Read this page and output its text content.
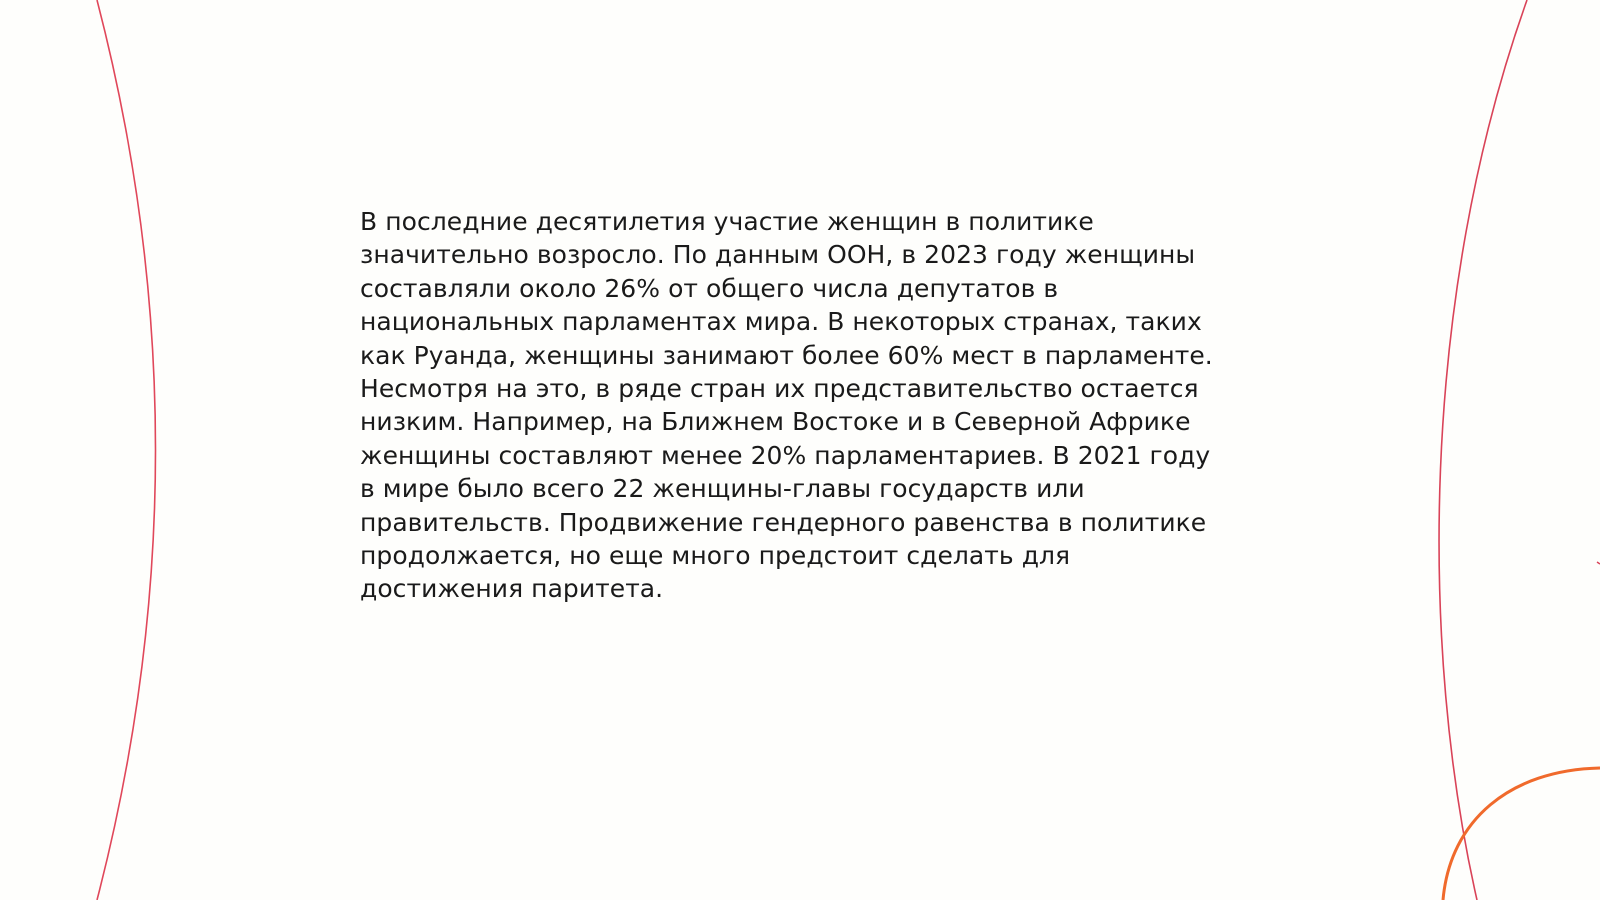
В последние десятилетия участие женщин в политике
значительно возросло. По данным ООН, в 2023 году женщины
составляли около 26% от общего числа депутатов в
национальных парламентах мира. В некоторых странах, таких
как Руанда, женщины занимают более 60% мест в парламенте.
Несмотря на это, в ряде стран их представительство остается
низким. Например, на Ближнем Востоке и в Северной Африке
женщины составляют менее 20% парламентариев. В 2021 году
в мире было всего 22 женщины-главы государств или
правительств. Продвижение гендерного равенства в политике
продолжается, но еще много предстоит сделать для
достижения паритета.
